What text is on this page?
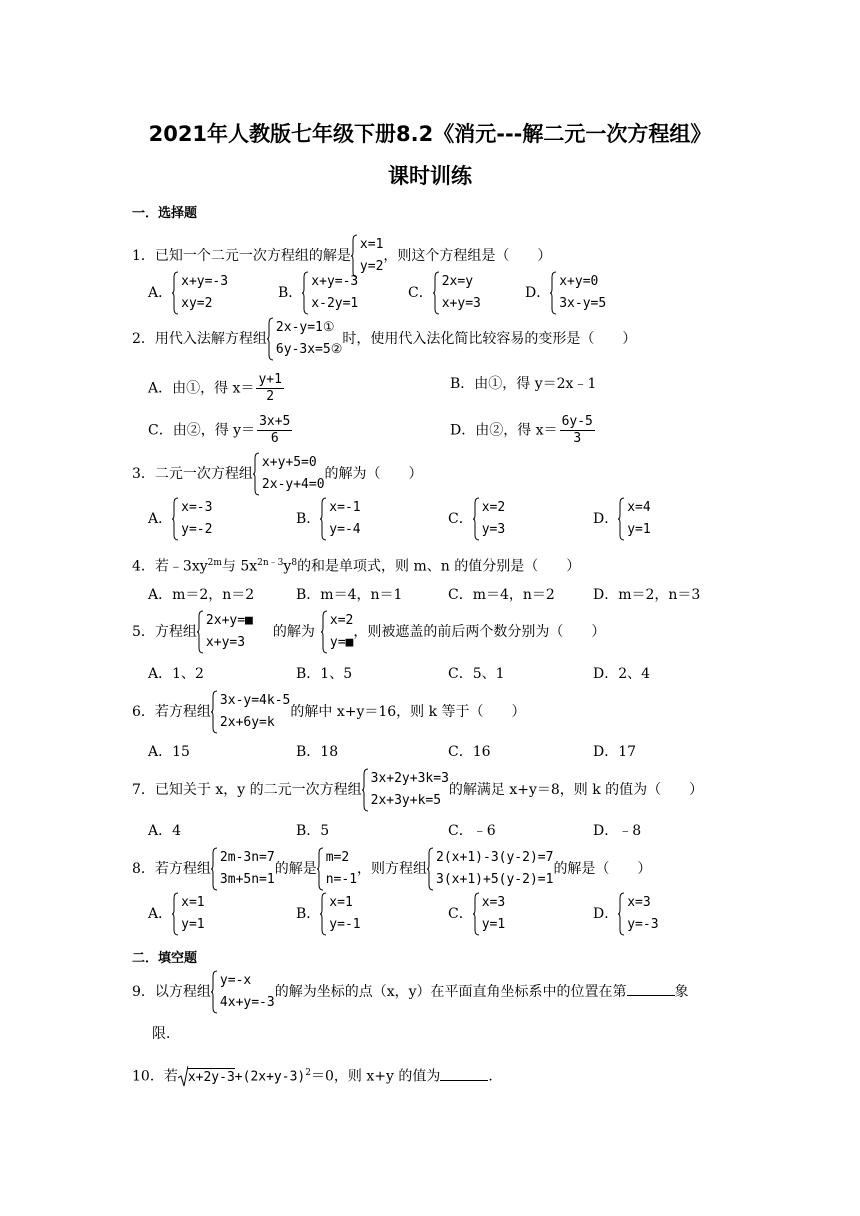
2021年人教版七年级下册8.2《消元---解二元一次方程组》
课时训练
一．选择题
1．已知一个二元一次方程组的解是
x=1
y=2
，则这个方程组是（　　）
A．
x+y=-3
xy=2
B．
x+y=-3
x-2y=1
C．
2x=y
x+y=3
D．
x+y=0
3x-y=5
2．用代入法解方程组
2x-y=1①
6y-3x=5②
时，使用代入法化简比较容易的变形是（　　）
A．由①，得 $x= \frac{y+1}{2}$	B．由①，得 y＝2x﹣1
C．由②，得 $y= \frac{3x+5}{6}$	D．由②，得 $x= \frac{6y-5}{3}$
3．二元一次方程组
x+y+5=0
2x-y+4=0
的解为（　　）
A．
x=-3
y=-2
B．
x=-1
y=-4
C．
x=2
y=3
D．
x=4
y=1
4．若$﹣3xy^{2m}$与 $5x^{2n﹣3}y^8$的和是单项式，则 m、n 的值分别是（　　）
A．m＝2，n＝2	B．m＝4，n＝1	C．m＝4，n＝2	D．m＝2，n＝3
5．方程组
2x+y=■
x+y=3
的解为
x=2
y=■
，则被遮盖的前后两个数分别为（　　）
A．1、2	B．1、5	C．5、1	D．2、4
6．若方程组
3x-y=4k-5
2x+6y=k
的解中 x+y＝16，则 k 等于（　　）
A．15	B．18	C．16	D．17
7．已知关于 x，y 的二元一次方程组
3x+2y+3k=3
2x+3y+k=5
的解满足 x+y＝8，则 k 的值为（　　）
A．4	B．5	C．﹣6	D．﹣8
8．若方程组
2m-3n=7
3m+5n=1
的解是
m=2
n=-1
，则方程组
2(x+1)-3(y-2)=7
3(x+1)+5(y-2)=1
的解是（　　）
A．
x=1
y=1
B．
x=1
y=-1
C．
x=3
y=1
D．
x=3
y=-3
二．填空题
9．以方程组
y=-x
4x+y=-3
的解为坐标的点（x，y）在平面直角坐标系中的位置在第	象
限．
10．若 $x+2y-3+(2x+y-3)^2=0$，则 x+y 的值为	．
